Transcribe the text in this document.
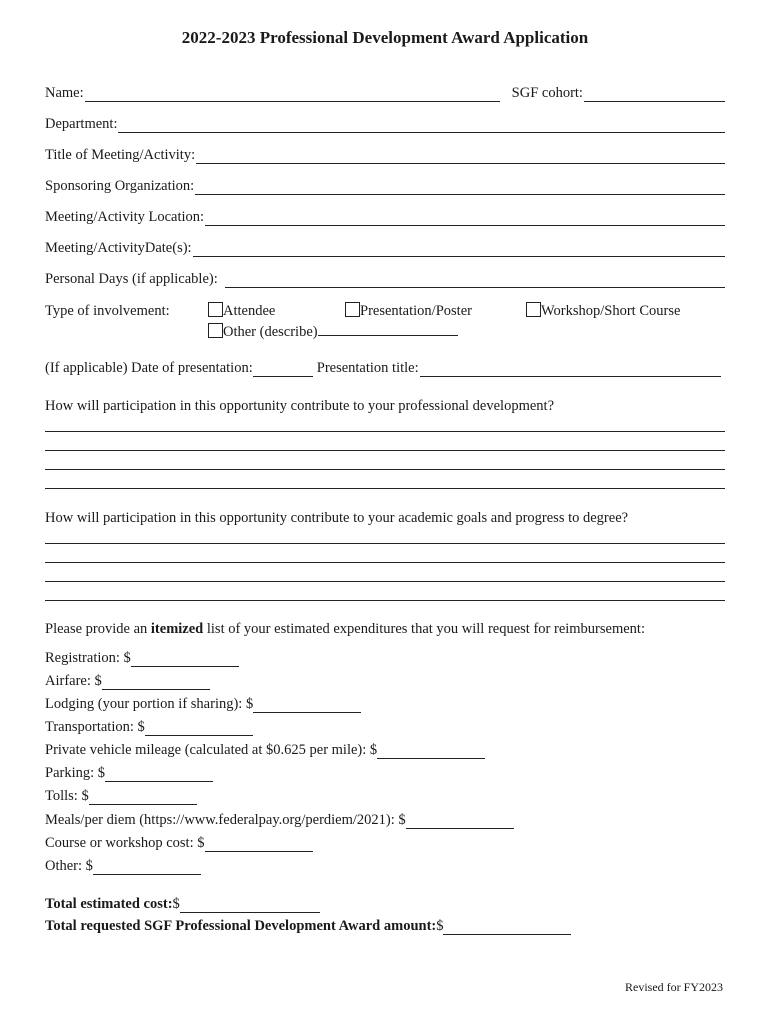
2022-2023 Professional Development Award Application
Name:	SGF cohort:
Department:
Title of Meeting/Activity:
Sponsoring Organization:
Meeting/Activity Location:
Meeting/ActivityDate(s):
Personal Days (if applicable):
Type of involvement:	Attendee	Presentation/Poster	Workshop/Short Course
Other (describe)
(If applicable) Date of presentation:	Presentation title:
How will participation in this opportunity contribute to your professional development?
How will participation in this opportunity contribute to your academic goals and progress to degree?
Please provide an itemized list of your estimated expenditures that you will request for reimbursement:
Registration: $
Airfare: $
Lodging (your portion if sharing): $
Transportation: $
Private vehicle mileage (calculated at $0.625 per mile): $
Parking: $
Tolls: $
Meals/per diem (https://www.federalpay.org/perdiem/2021): $
Course or workshop cost: $
Other: $
Total estimated cost: $
Total requested SGF Professional Development Award amount: $
Revised for FY2023
